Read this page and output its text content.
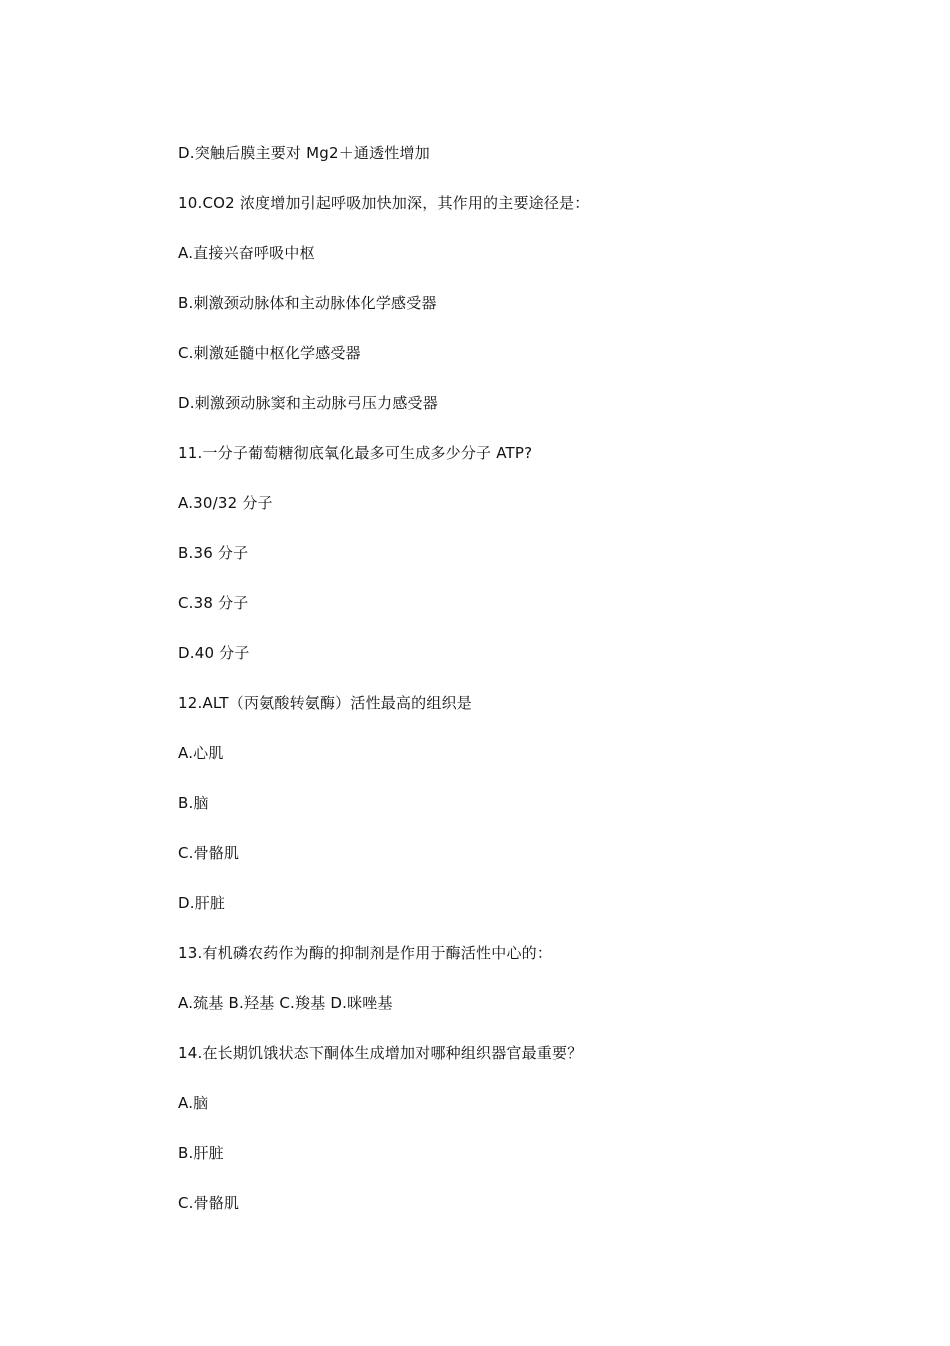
D.突触后膜主要对 Mg2＋通透性增加

10.CO2 浓度增加引起呼吸加快加深，其作用的主要途径是：

A.直接兴奋呼吸中枢

B.刺激颈动脉体和主动脉体化学感受器

C.刺激延髓中枢化学感受器

D.刺激颈动脉窦和主动脉弓压力感受器

11.一分子葡萄糖彻底氧化最多可生成多少分子 ATP?

A.30/32 分子

B.36 分子

C.38 分子

D.40 分子

12.ALT（丙氨酸转氨酶）活性最高的组织是

A.心肌

B.脑

C.骨骼肌

D.肝脏

13.有机磷农药作为酶的抑制剂是作用于酶活性中心的：

A.巯基 B.羟基 C.羧基 D.咪唑基

14.在长期饥饿状态下酮体生成增加对哪种组织器官最重要？

A.脑

B.肝脏

C.骨骼肌
